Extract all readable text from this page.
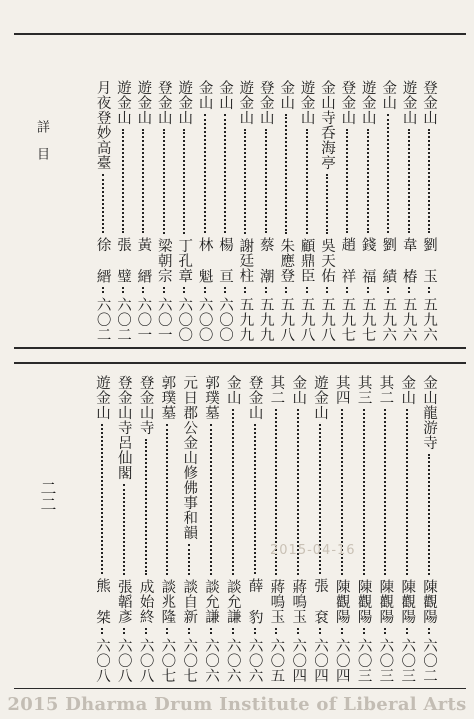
詳目
二二
登金山
劉 玉
五九六
遊金山
韋 椿
五九六
金山
劉 績
五九六
遊金山
錢 福
五九七
登金山
趙 祥
五九七
金山寺呑海亭
吳天佑
五九八
遊金山
顧鼎臣
五九八
金山
朱應登
五九八
登金山
蔡 潮
五九九
遊金山
謝廷柱
五九九
金山
楊 亘
六〇〇
金山
林 魁
六〇〇
遊金山
丁孔章
六〇〇
登金山
梁朝宗
六〇一
遊金山
黃 縉
六〇一
遊金山
張 璧
六〇二
月夜登妙高臺
徐 縉
六〇二
金山龍游寺
陳觀陽
六〇二
金山
陳觀陽
六〇三
其二
陳觀陽
六〇三
其三
陳觀陽
六〇三
其四
陳觀陽
六〇四
遊金山
張 袞
六〇四
金山
蔣鳴玉
六〇四
其二
蔣鳴玉
六〇五
登金山
薛 豹
六〇六
金山
談允謙
六〇六
郭璞墓
談允謙
六〇六
元日郡公金山修佛事和韻
談自新
六〇七
郭璞墓
談兆隆
六〇七
登金山寺
成始終
六〇八
登金山寺呂仙閣
張韜彥
六〇八
遊金山
熊 桀
六〇八
2015-04-16
2015 Dharma Drum Institute of Liberal Arts
